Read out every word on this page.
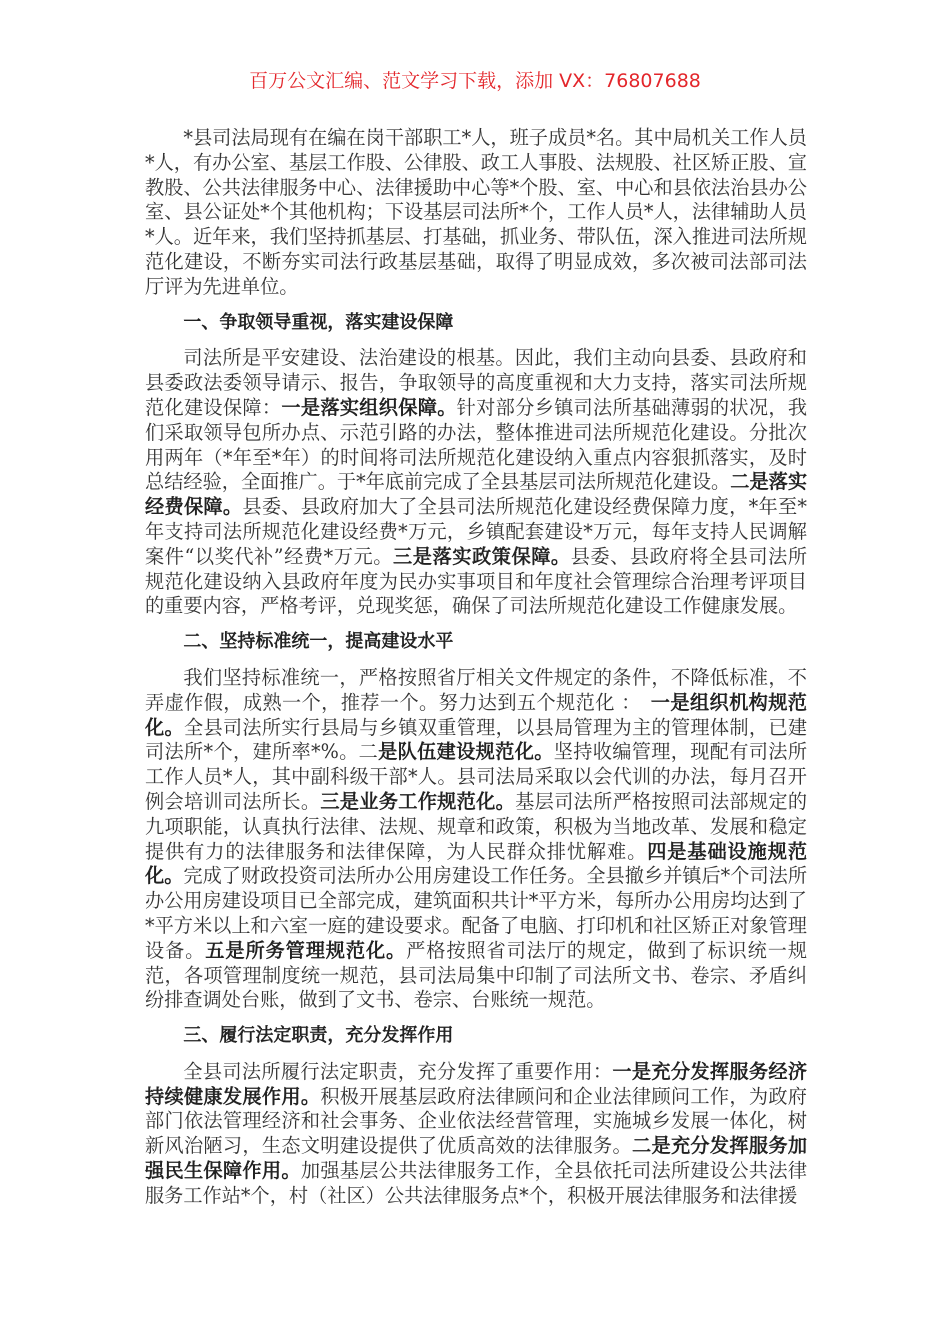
百万公文汇编、范文学习下载，添加 VX：76807688

*县司法局现有在编在岗干部职工*人，班子成员*名。其中局机关工作人员*人，有办公室、基层工作股、公律股、政工人事股、法规股、社区矫正股、宣教股、公共法律服务中心、法律援助中心等*个股、室、中心和县依法治县办公室、县公证处*个其他机构；下设基层司法所*个，工作人员*人，法律辅助人员*人。近年来，我们坚持抓基层、打基础，抓业务、带队伍，深入推进司法所规范化建设，不断夯实司法行政基层基础，取得了明显成效，多次被司法部司法厅评为先进单位。

一、争取领导重视，落实建设保障

司法所是平安建设、法治建设的根基。因此，我们主动向县委、县政府和县委政法委领导请示、报告，争取领导的高度重视和大力支持，落实司法所规范化建设保障：一是落实组织保障。针对部分乡镇司法所基础薄弱的状况，我们采取领导包所办点、示范引路的办法，整体推进司法所规范化建设。分批次用两年（*年至*年）的时间将司法所规范化建设纳入重点内容狠抓落实，及时总结经验，全面推广。于*年底前完成了全县基层司法所规范化建设。二是落实经费保障。县委、县政府加大了全县司法所规范化建设经费保障力度，*年至*年支持司法所规范化建设经费*万元，乡镇配套建设*万元，每年支持人民调解案件“以奖代补”经费*万元。三是落实政策保障。县委、县政府将全县司法所规范化建设纳入县政府年度为民办实事项目和年度社会管理综合治理考评项目的重要内容，严格考评，兑现奖惩，确保了司法所规范化建设工作健康发展。

二、坚持标准统一，提高建设水平

我们坚持标准统一，严格按照省厅相关文件规定的条件，不降低标准，不弄虚作假，成熟一个，推荐一个。努力达到五个规范化 ：　一是组织机构规范化。全县司法所实行县局与乡镇双重管理，以县局管理为主的管理体制，已建司法所*个，建所率*%。二是队伍建设规范化。坚持收编管理，现配有司法所工作人员*人，其中副科级干部*人。县司法局采取以会代训的办法，每月召开例会培训司法所长。三是业务工作规范化。基层司法所严格按照司法部规定的九项职能，认真执行法律、法规、规章和政策，积极为当地改革、发展和稳定提供有力的法律服务和法律保障，为人民群众排忧解难。四是基础设施规范化。完成了财政投资司法所办公用房建设工作任务。全县撤乡并镇后*个司法所办公用房建设项目已全部完成，建筑面积共计*平方米，每所办公用房均达到了*平方米以上和六室一庭的建设要求。配备了电脑、打印机和社区矫正对象管理设备。五是所务管理规范化。严格按照省司法厅的规定，做到了标识统一规范，各项管理制度统一规范，县司法局集中印制了司法所文书、卷宗、矛盾纠纷排查调处台账，做到了文书、卷宗、台账统一规范。

三、履行法定职责，充分发挥作用

全县司法所履行法定职责，充分发挥了重要作用：一是充分发挥服务经济持续健康发展作用。积极开展基层政府法律顾问和企业法律顾问工作，为政府部门依法管理经济和社会事务、企业依法经营管理，实施城乡发展一体化，树新风治陋习，生态文明建设提供了优质高效的法律服务。二是充分发挥服务加强民生保障作用。加强基层公共法律服务工作，全县依托司法所建设公共法律服务工作站*个，村（社区）公共法律服务点*个，积极开展法律服务和法律援
